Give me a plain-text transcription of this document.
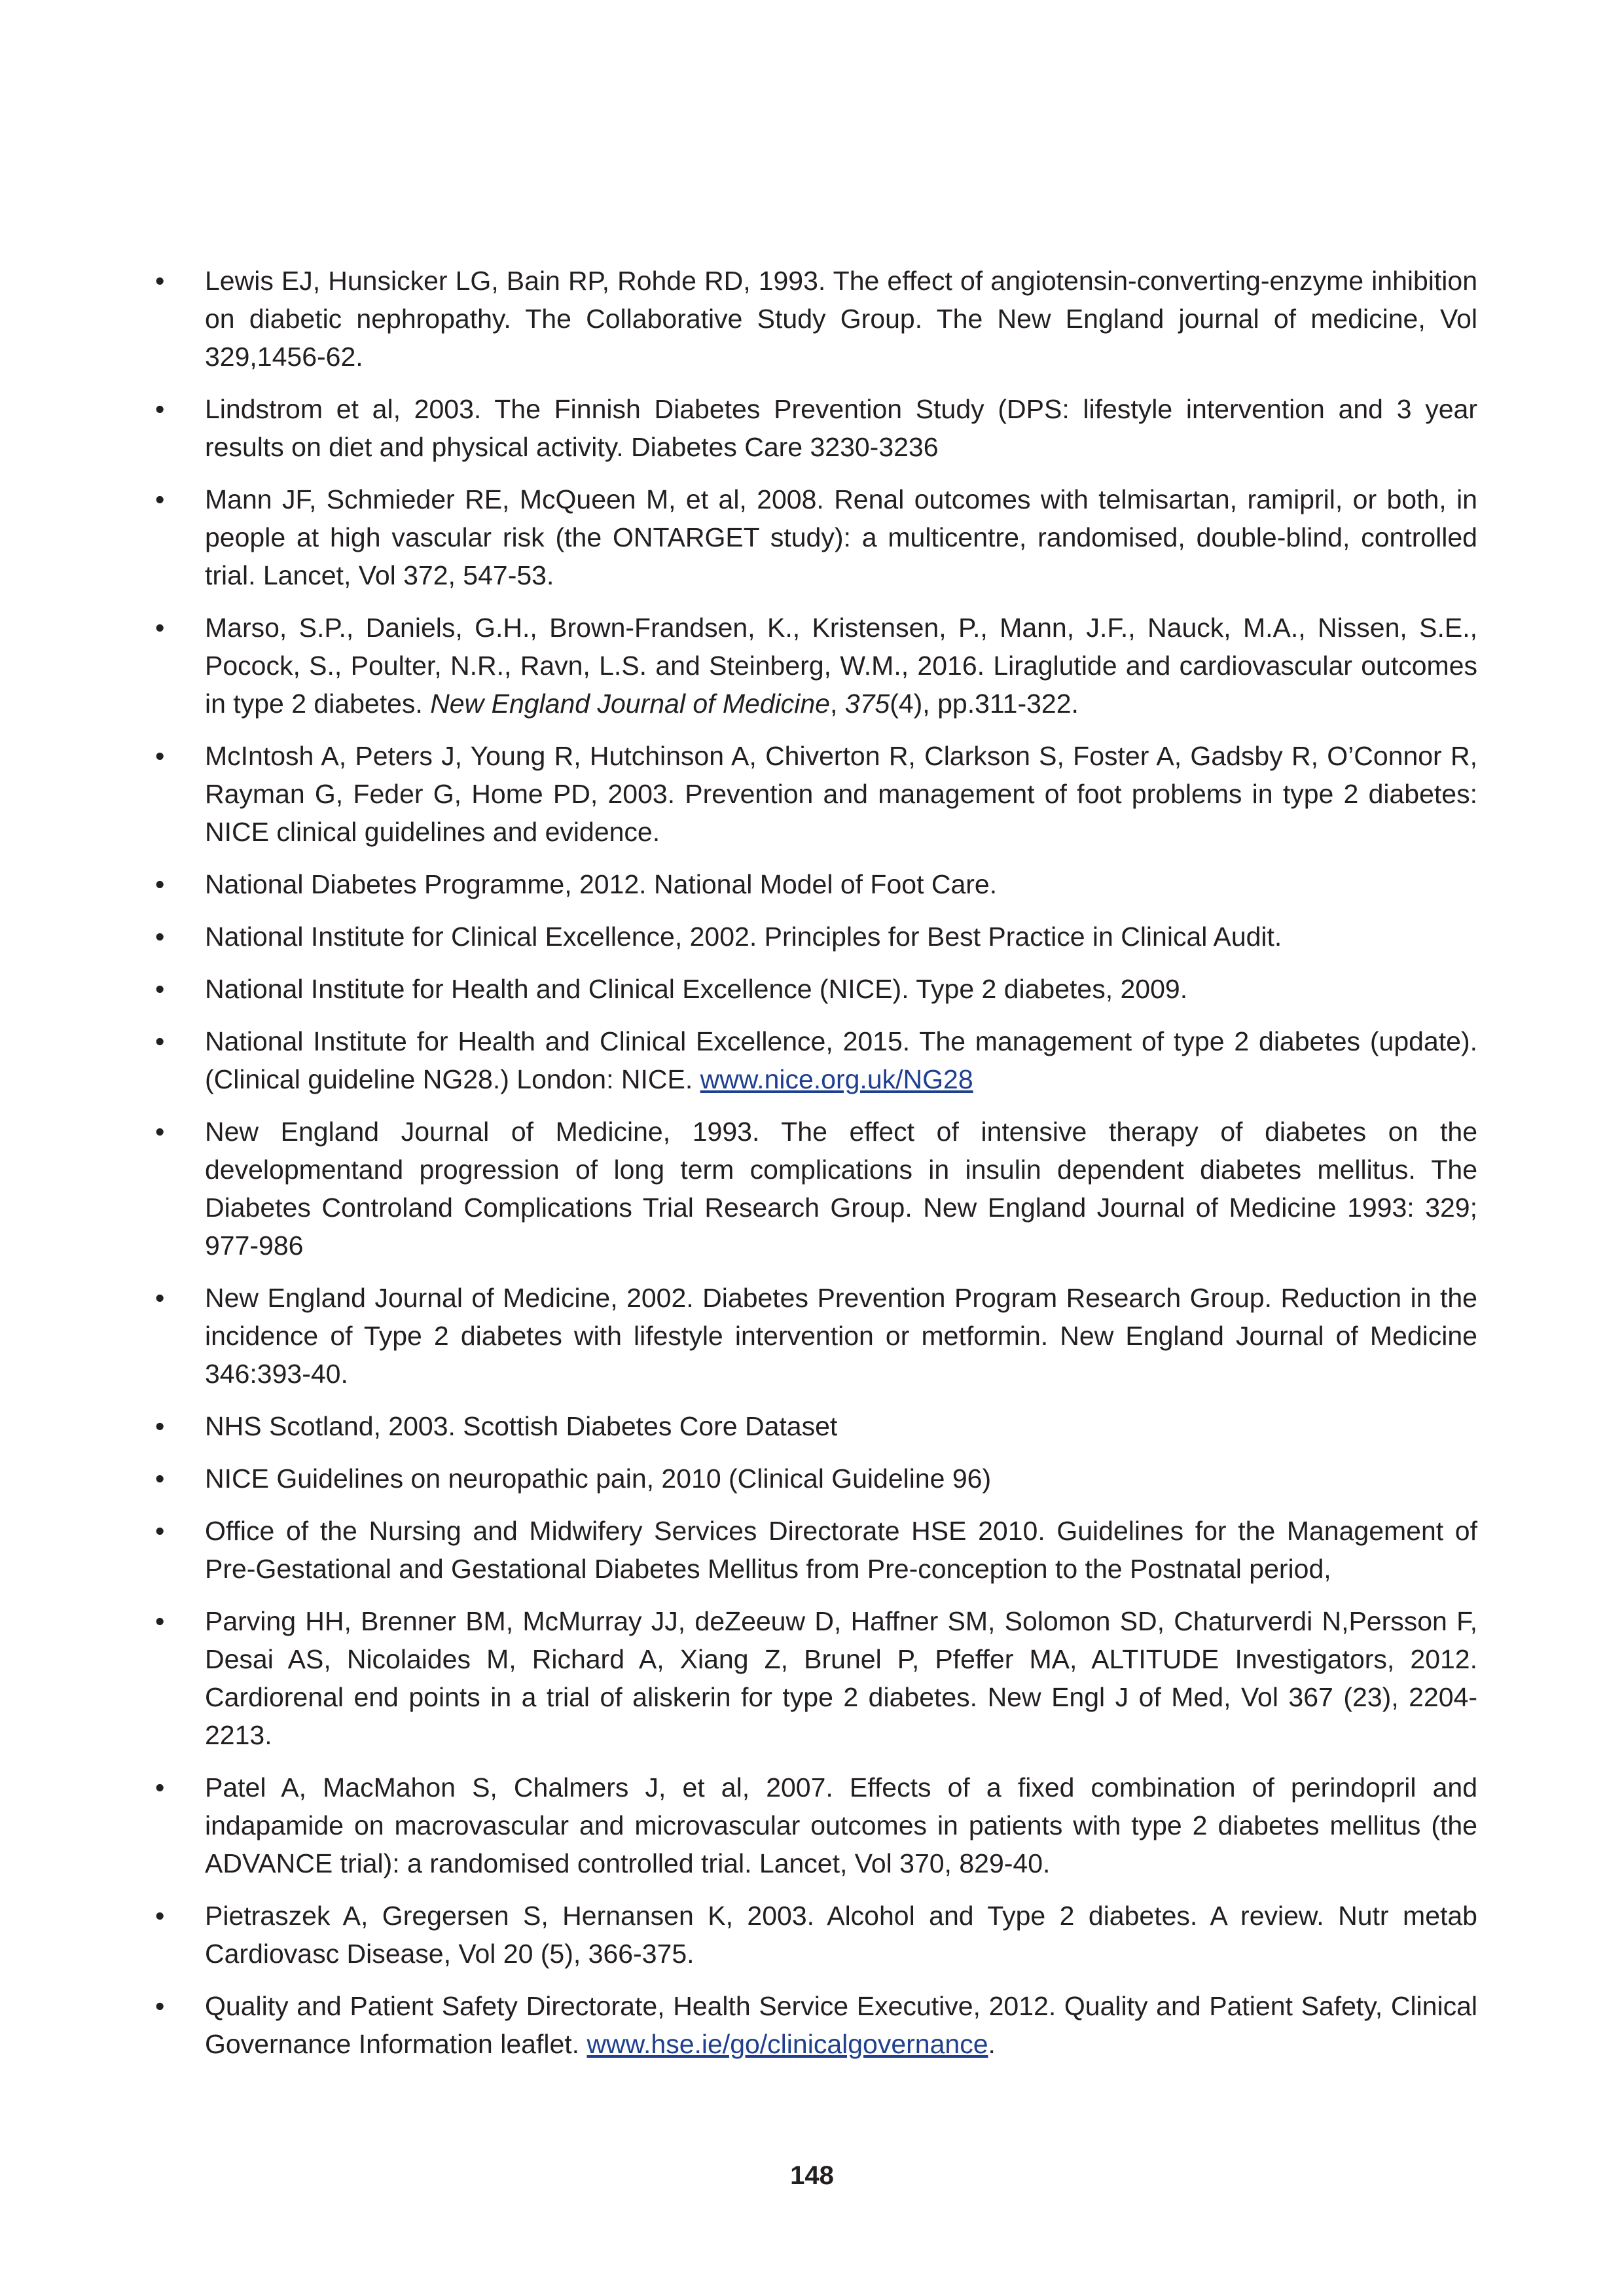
•	Lewis EJ, Hunsicker LG, Bain RP, Rohde RD, 1993. The effect of angiotensin-converting-enzyme inhibition on diabetic nephropathy. The Collaborative Study Group. The New England journal of medicine, Vol 329,1456-62.
•	Lindstrom et al, 2003. The Finnish Diabetes Prevention Study (DPS: lifestyle intervention and 3 year results on diet and physical activity. Diabetes Care 3230-3236
•	Mann JF, Schmieder RE, McQueen M, et al, 2008. Renal outcomes with telmisartan, ramipril, or both, in people at high vascular risk (the ONTARGET study): a multicentre, randomised, double-blind, controlled trial. Lancet, Vol 372, 547-53.
•	Marso, S.P., Daniels, G.H., Brown-Frandsen, K., Kristensen, P., Mann, J.F., Nauck, M.A., Nissen, S.E., Pocock, S., Poulter, N.R., Ravn, L.S. and Steinberg, W.M., 2016. Liraglutide and cardiovascular outcomes in type 2 diabetes. New England Journal of Medicine, 375(4), pp.311-322.
•	McIntosh A, Peters J, Young R, Hutchinson A, Chiverton R, Clarkson S, Foster A, Gadsby R, O’Connor R, Rayman G, Feder G, Home PD, 2003. Prevention and management of foot problems in type 2 diabetes: NICE clinical guidelines and evidence.
•	National Diabetes Programme, 2012. National Model of Foot Care.
•	National Institute for Clinical Excellence, 2002. Principles for Best Practice in Clinical Audit.
•	National Institute for Health and Clinical Excellence (NICE). Type 2 diabetes, 2009.
•	National Institute for Health and Clinical Excellence, 2015. The management of type 2 diabetes (update). (Clinical guideline NG28.) London: NICE. www.nice.org.uk/NG28
•	New England Journal of Medicine, 1993. The effect of intensive therapy of diabetes on the developmentand progression of long term complications in insulin dependent diabetes mellitus. The Diabetes Controland Complications Trial Research Group. New England Journal of Medicine 1993: 329; 977-986
•	New England Journal of Medicine, 2002. Diabetes Prevention Program Research Group. Reduction in the incidence of Type 2 diabetes with lifestyle intervention or metformin. New England Journal of Medicine 346:393-40.
•	NHS Scotland, 2003. Scottish Diabetes Core Dataset
•	NICE Guidelines on neuropathic pain, 2010 (Clinical Guideline 96)
•	Office of the Nursing and Midwifery Services Directorate HSE 2010. Guidelines for the Management of Pre-Gestational and Gestational Diabetes Mellitus from Pre-conception to the Postnatal period,
•	Parving HH, Brenner BM, McMurray JJ, deZeeuw D, Haffner SM, Solomon SD, Chaturverdi N,Persson F, Desai AS, Nicolaides M, Richard A, Xiang Z, Brunel P, Pfeffer MA, ALTITUDE Investigators, 2012. Cardiorenal end points in a trial of aliskerin for type 2 diabetes. New Engl J of Med, Vol 367 (23), 2204-2213.
•	Patel A, MacMahon S, Chalmers J, et al, 2007. Effects of a fixed combination of perindopril and indapamide on macrovascular and microvascular outcomes in patients with type 2 diabetes mellitus (the ADVANCE trial): a randomised controlled trial. Lancet, Vol 370, 829-40.
•	Pietraszek A, Gregersen S, Hernansen K, 2003. Alcohol and Type 2 diabetes. A review. Nutr metab Cardiovasc Disease, Vol 20 (5), 366-375.
•	Quality and Patient Safety Directorate, Health Service Executive, 2012. Quality and Patient Safety, Clinical Governance Information leaflet. www.hse.ie/go/clinicalgovernance.
148
